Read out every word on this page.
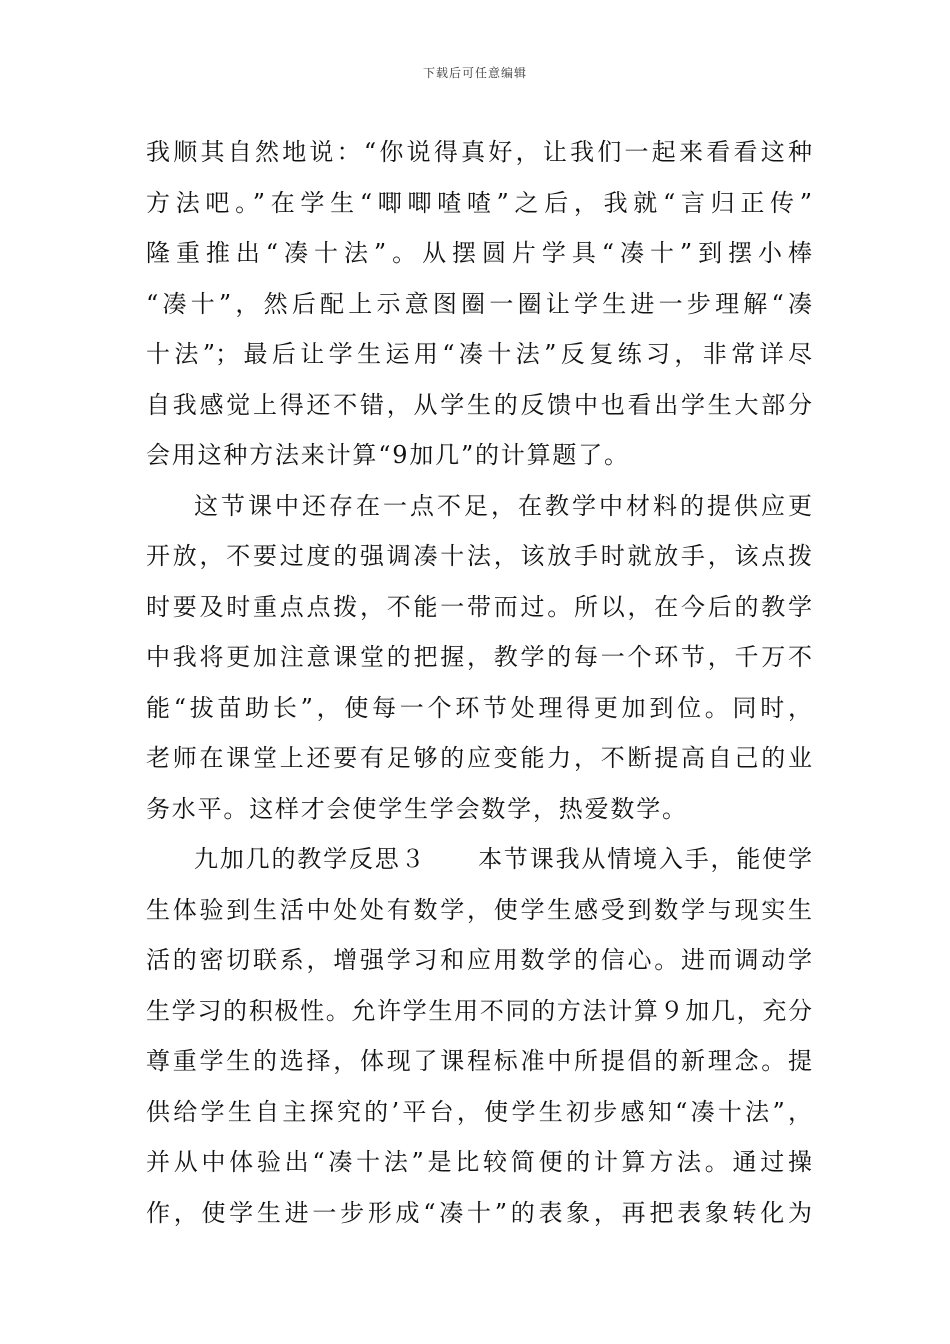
下载后可任意编辑
我顺其自然地说：“你说得真好，让我们一起来看看这种
方法吧。”在学生“唧唧喳喳”之后，我就“言归正传”
隆重推出“凑十法”。从摆圆片学具“凑十”到摆小棒
“凑十”，然后配上示意图圈一圈让学生进一步理解“凑
十法”；最后让学生运用“凑十法”反复练习，非常详尽
自我感觉上得还不错，从学生的反馈中也看出学生大部分
会用这种方法来计算“9加几”的计算题了。
这节课中还存在一点不足，在教学中材料的提供应更
开放，不要过度的强调凑十法，该放手时就放手，该点拨
时要及时重点点拨，不能一带而过。所以，在今后的教学
中我将更加注意课堂的把握，教学的每一个环节，千万不
能“拔苗助长”，使每一个环节处理得更加到位。同时，
老师在课堂上还要有足够的应变能力，不断提高自己的业
务水平。这样才会使学生学会数学，热爱数学。
九加几的教学反思３　　本节课我从情境入手，能使学
生体验到生活中处处有数学，使学生感受到数学与现实生
活的密切联系，增强学习和应用数学的信心。进而调动学
生学习的积极性。允许学生用不同的方法计算９加几，充分
尊重学生的选择，体现了课程标准中所提倡的新理念。提
供给学生自主探究的’平台，使学生初步感知“凑十法”，
并从中体验出“凑十法”是比较简便的计算方法。通过操
作，使学生进一步形成“凑十”的表象，再把表象转化为
